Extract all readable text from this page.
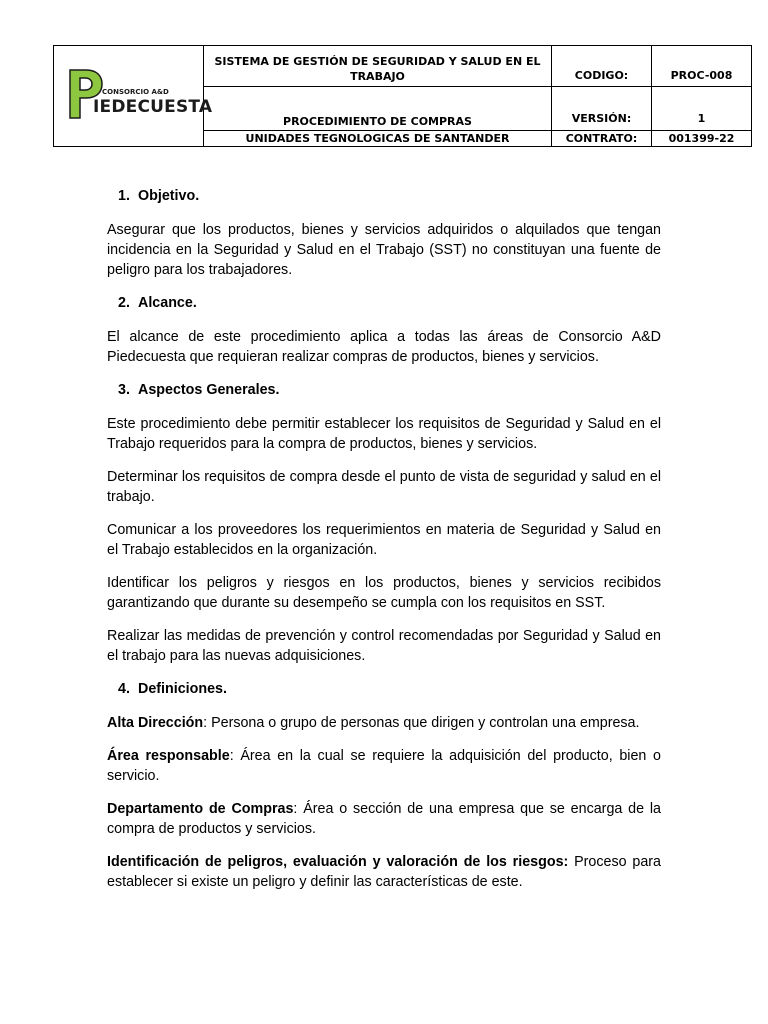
CONSORCIO A&D
IEDECUESTA	SISTEMA DE GESTIÓN DE SEGURIDAD Y SALUD EN EL TRABAJO	CODIGO:	PROC-008
	PROCEDIMIENTO DE COMPRAS	VERSIÓN:	1
	UNIDADES TEGNOLOGICAS DE SANTANDER	CONTRATO:	001399-22
1. Objetivo.

Asegurar que los productos, bienes y servicios adquiridos o alquilados que tengan incidencia en la Seguridad y Salud en el Trabajo (SST) no constituyan una fuente de peligro para los trabajadores.

2. Alcance.

El alcance de este procedimiento aplica a todas las áreas de Consorcio A&D Piedecuesta que requieran realizar compras de productos, bienes y servicios.

3. Aspectos Generales.

Este procedimiento debe permitir establecer los requisitos de Seguridad y Salud en el Trabajo requeridos para la compra de productos, bienes y servicios.

Determinar los requisitos de compra desde el punto de vista de seguridad y salud en el trabajo.

Comunicar a los proveedores los requerimientos en materia de Seguridad y Salud en el Trabajo establecidos en la organización.

Identificar los peligros y riesgos en los productos, bienes y servicios recibidos garantizando que durante su desempeño se cumpla con los requisitos en SST.

Realizar las medidas de prevención y control recomendadas por Seguridad y Salud en el trabajo para las nuevas adquisiciones.

4. Definiciones.

Alta Dirección: Persona o grupo de personas que dirigen y controlan una empresa.

Área responsable: Área en la cual se requiere la adquisición del producto, bien o servicio.

Departamento de Compras: Área o sección de una empresa que se encarga de la compra de productos y servicios.

Identificación de peligros, evaluación y valoración de los riesgos: Proceso para establecer si existe un peligro y definir las características de este.
